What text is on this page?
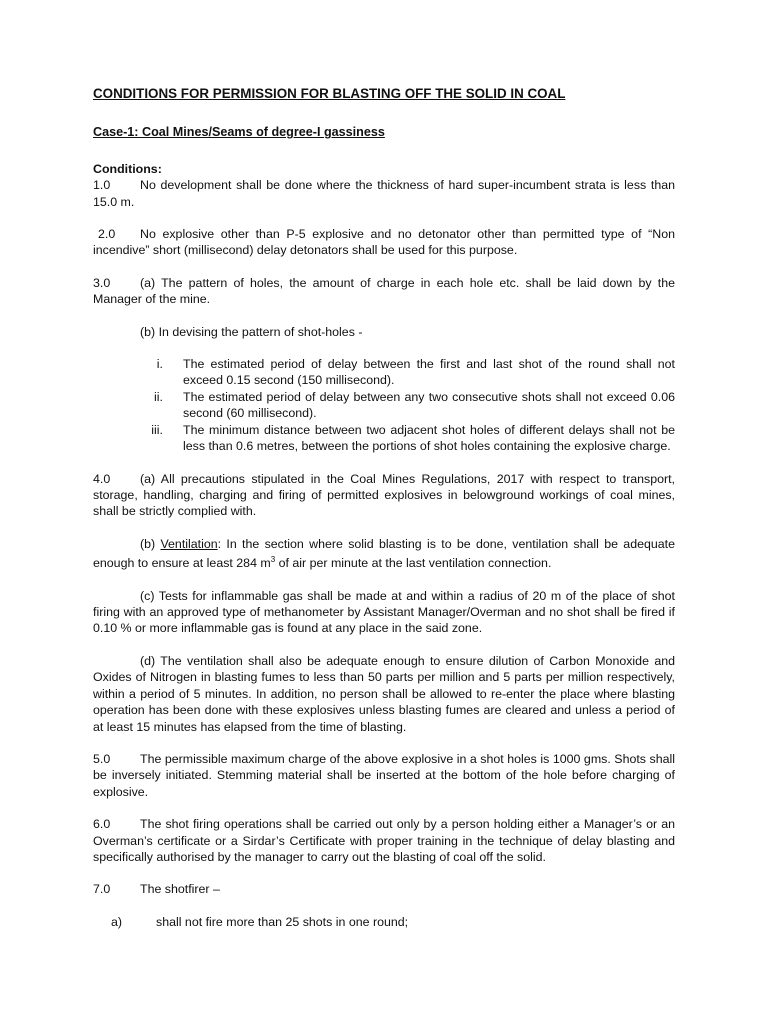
CONDITIONS FOR PERMISSION FOR BLASTING OFF THE SOLID IN COAL

Case-1: Coal Mines/Seams of degree-I gassiness

Conditions:

1.0 No development shall be done where the thickness of hard super-incumbent strata is less than 15.0 m.

2.0 No explosive other than P-5 explosive and no detonator other than permitted type of “Non incendive” short (millisecond) delay detonators shall be used for this purpose.

3.0 (a) The pattern of holes, the amount of charge in each hole etc. shall be laid down by the Manager of the mine.

(b) In devising the pattern of shot-holes -

i.	The estimated period of delay between the first and last shot of the round shall not exceed 0.15 second (150 millisecond).
ii.	The estimated period of delay between any two consecutive shots shall not exceed 0.06 second (60 millisecond).
iii.	The minimum distance between two adjacent shot holes of different delays shall not be less than 0.6 metres, between the portions of shot holes containing the explosive charge.

4.0 (a) All precautions stipulated in the Coal Mines Regulations, 2017 with respect to transport, storage, handling, charging and firing of permitted explosives in belowground workings of coal mines, shall be strictly complied with.

(b) Ventilation: In the section where solid blasting is to be done, ventilation shall be adequate enough to ensure at least 284 $m^3$ of air per minute at the last ventilation connection.

(c) Tests for inflammable gas shall be made at and within a radius of 20 m of the place of shot firing with an approved type of methanometer by Assistant Manager/Overman and no shot shall be fired if 0.10 % or more inflammable gas is found at any place in the said zone.

(d) The ventilation shall also be adequate enough to ensure dilution of Carbon Monoxide and Oxides of Nitrogen in blasting fumes to less than 50 parts per million and 5 parts per million respectively, within a period of 5 minutes. In addition, no person shall be allowed to re-enter the place where blasting operation has been done with these explosives unless blasting fumes are cleared and unless a period of at least 15 minutes has elapsed from the time of blasting.

5.0 The permissible maximum charge of the above explosive in a shot holes is 1000 gms. Shots shall be inversely initiated. Stemming material shall be inserted at the bottom of the hole before charging of explosive.

6.0 The shot firing operations shall be carried out only by a person holding either a Manager’s or an Overman’s certificate or a Sirdar’s Certificate with proper training in the technique of delay blasting and specifically authorised by the manager to carry out the blasting of coal off the solid.

7.0 The shotfirer –

a)	shall not fire more than 25 shots in one round;
